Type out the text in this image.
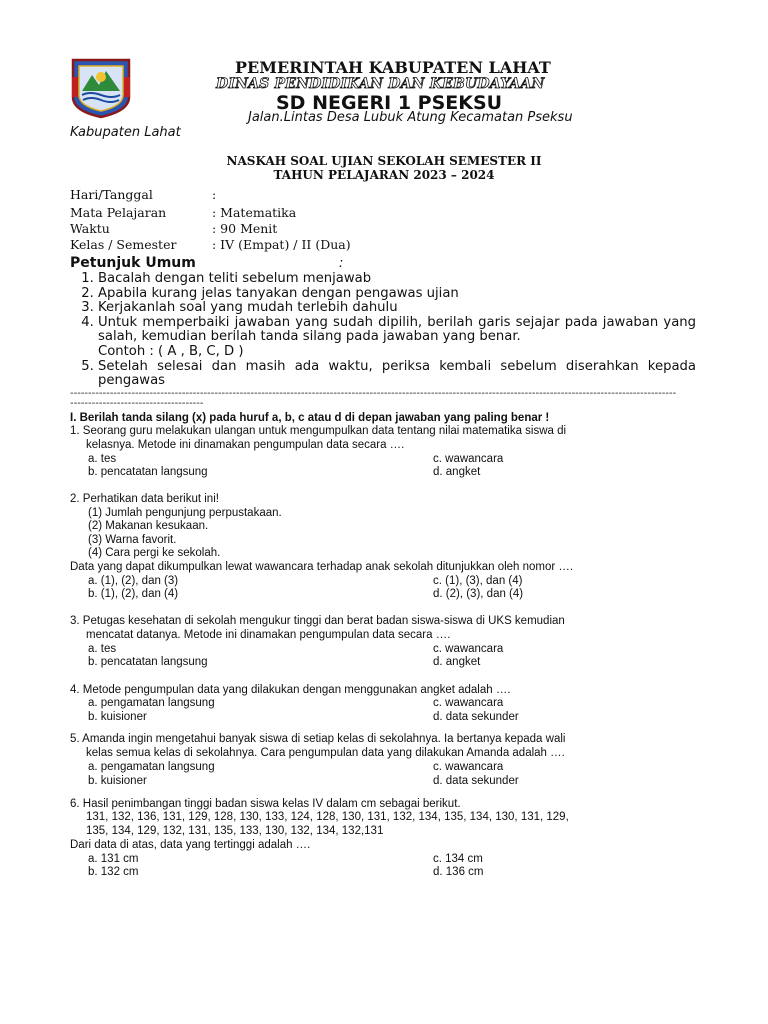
PEMERINTAH KABUPATEN LAHAT
DINAS PENDIDIKAN DAN KEBUDAYAAN
SD NEGERI 1 PSEKSU
Jalan.Lintas Desa Lubuk Atung Kecamatan Pseksu
Kabupaten Lahat
NASKAH SOAL UJIAN SEKOLAH SEMESTER II
TAHUN PELAJARAN 2023 – 2024
Hari/Tanggal	:
Mata Pelajaran	: Matematika
Waktu	: 90 Menit
Kelas / Semester	: IV (Empat) / II (Dua)
Petunjuk Umum	:
1. Bacalah dengan teliti sebelum menjawab
2. Apabila kurang jelas tanyakan dengan pengawas ujian
3. Kerjakanlah soal yang mudah terlebih dahulu
4. Untuk memperbaiki jawaban yang sudah dipilih, berilah garis sejajar pada jawaban yang salah, kemudian berilah tanda silang pada jawaban yang benar.
Contoh : ( A , B, C, D )
5. Setelah selesai dan masih ada waktu, periksa kembali sebelum diserahkan kepada pengawas
------------------------------------------------------------------------------------------------------------------------------------------------------------------------
-------------------------------------
I. Berilah tanda silang (x) pada huruf a, b, c atau d di depan jawaban yang paling benar !
1. Seorang guru melakukan ulangan untuk mengumpulkan data tentang nilai matematika siswa di
kelasnya. Metode ini dinamakan pengumpulan data secara ….
a. tes	c. wawancara
b. pencatatan langsung	d. angket
2. Perhatikan data berikut ini!
(1) Jumlah pengunjung perpustakaan.
(2) Makanan kesukaan.
(3) Warna favorit.
(4) Cara pergi ke sekolah.
Data yang dapat dikumpulkan lewat wawancara terhadap anak sekolah ditunjukkan oleh nomor ….
a. (1), (2), dan (3)	c. (1), (3), dan (4)
b. (1), (2), dan (4)	d. (2), (3), dan (4)
3. Petugas kesehatan di sekolah mengukur tinggi dan berat badan siswa-siswa di UKS kemudian
mencatat datanya. Metode ini dinamakan pengumpulan data secara ….
a. tes	c. wawancara
b. pencatatan langsung	d. angket
4. Metode pengumpulan data yang dilakukan dengan menggunakan angket adalah ….
a. pengamatan langsung	c. wawancara
b. kuisioner	d. data sekunder
5. Amanda ingin mengetahui banyak siswa di setiap kelas di sekolahnya. Ia bertanya kepada wali
kelas semua kelas di sekolahnya. Cara pengumpulan data yang dilakukan Amanda adalah ….
a. pengamatan langsung	c. wawancara
b. kuisioner	d. data sekunder
6. Hasil penimbangan tinggi badan siswa kelas IV dalam cm sebagai berikut.
131, 132, 136, 131, 129, 128, 130, 133, 124, 128, 130, 131, 132, 134, 135, 134, 130, 131, 129,
135, 134, 129, 132, 131, 135, 133, 130, 132, 134, 132,131
Dari data di atas, data yang tertinggi adalah ….
a. 131 cm	c. 134 cm
b. 132 cm	d. 136 cm
